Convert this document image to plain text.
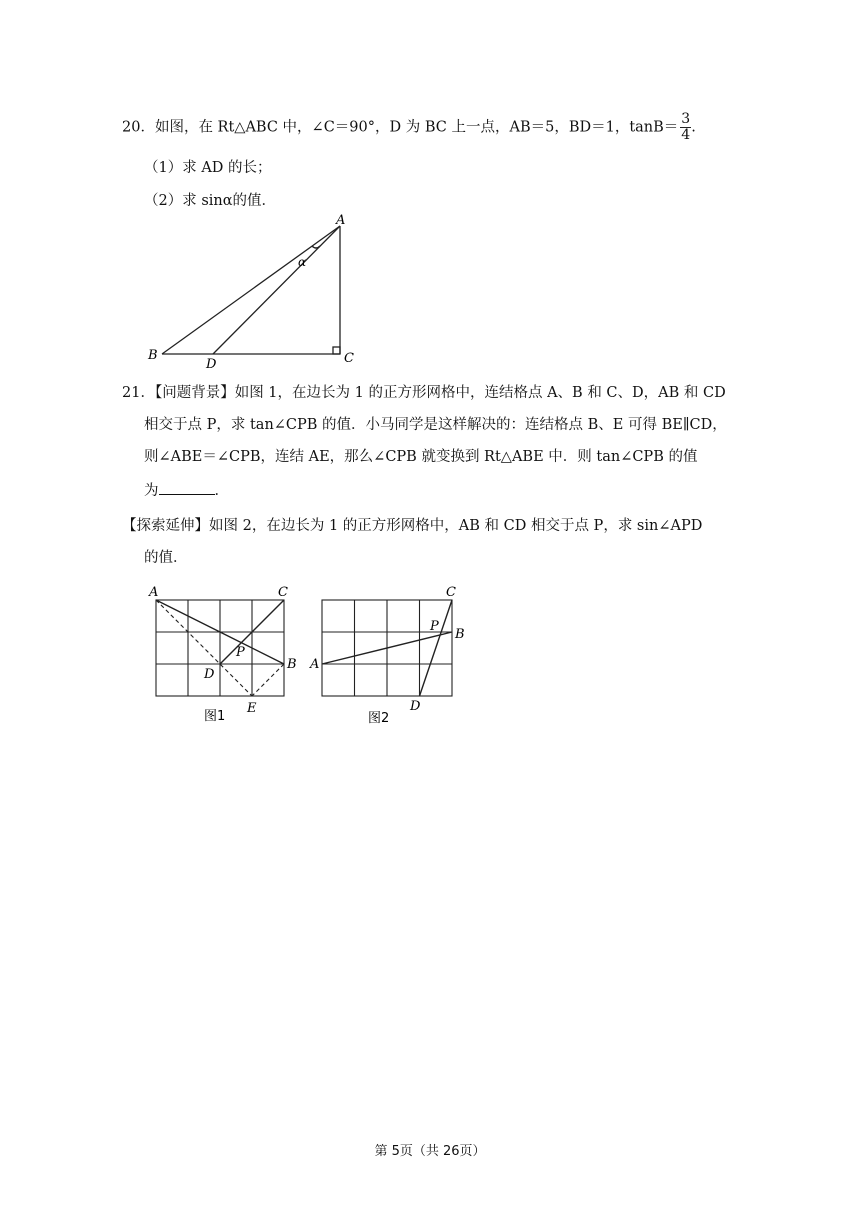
20．如图，在 Rt△ABC 中，∠C＝90°，D 为 BC 上一点，AB＝5，BD＝1，$\tan B= \frac{3}{4}$ .
（1）求 AD 的长；
（2）求 sinα的值．
A
B	C
D
α
21．【问题背景】如图 1，在边长为 1 的正方形网格中，连结格点 A、B 和 C、D，AB 和 CD
相交于点 P，求 tan∠CPB 的值．小马同学是这样解决的：连结格点 B、E 可得 BE∥CD，
则∠ABE＝∠CPB，连结 AE，那么∠CPB 就变换到 Rt△ABE 中．则 tan∠CPB 的值
为	．
【探索延伸】如图 2，在边长为 1 的正方形网格中，AB 和 CD 相交于点 P，求 sin∠APD
的值．
A	C
B
D
P
E
图1
A
C
B
P
D
图2
第 5页（共 26页）
